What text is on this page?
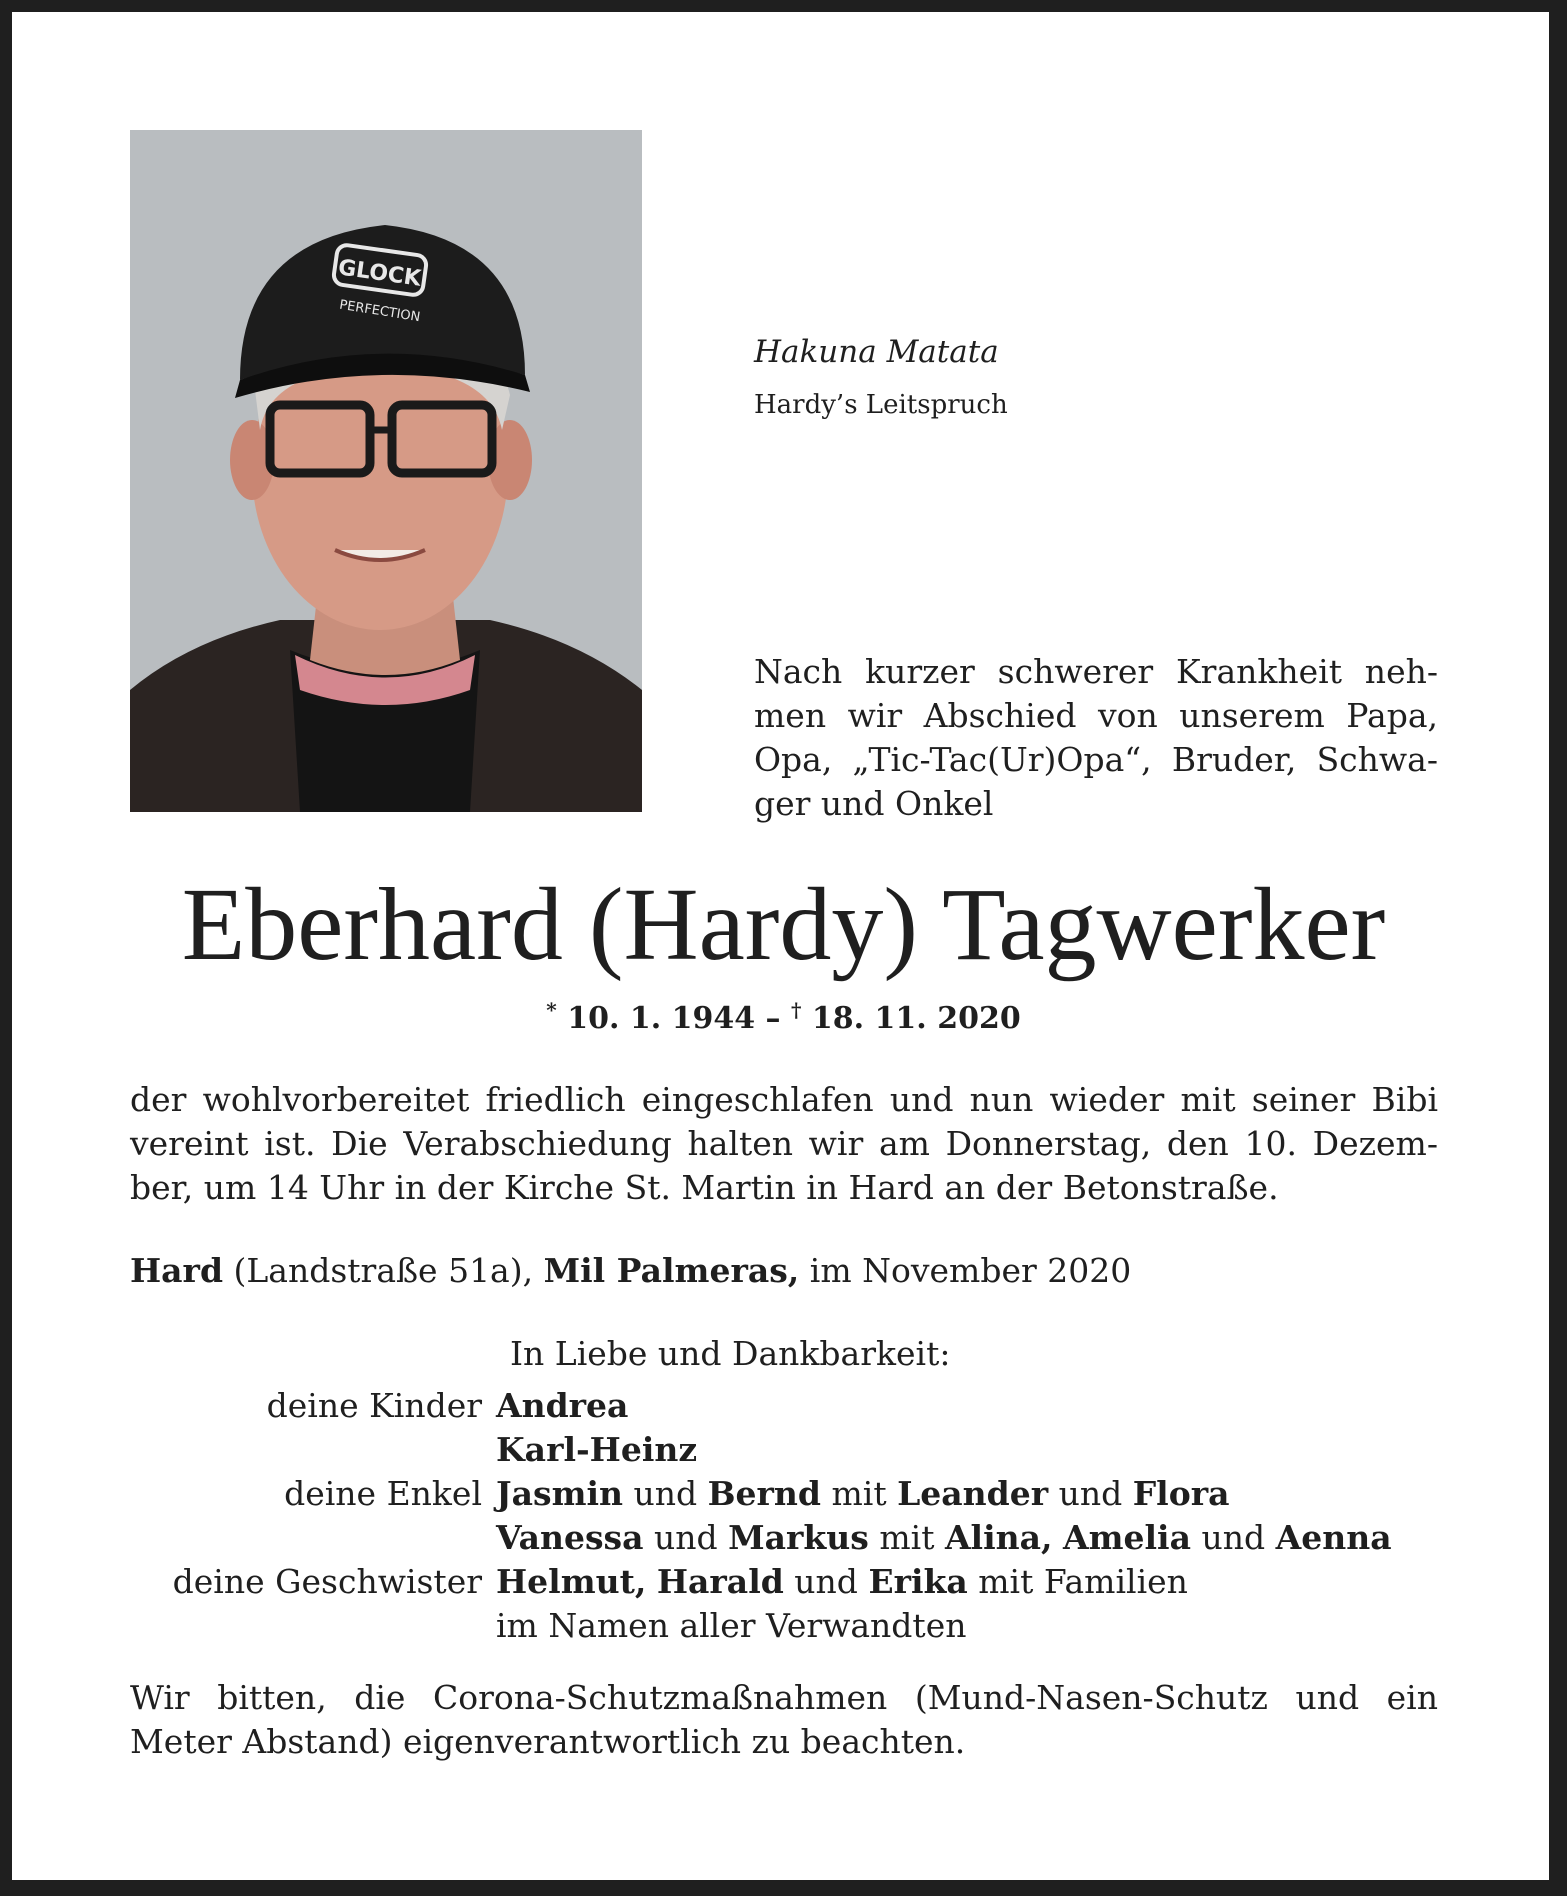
GLOCK
PERFECTION
Hakuna Matata
Hardy’s Leitspruch
Nach kurzer schwerer Krankheit neh-
men wir Abschied von unserem Papa,
Opa, „Tic-Tac(Ur)Opa“, Bruder, Schwa-
ger und Onkel
Eberhard (Hardy) Tagwerker
* 10. 1. 1944 – † 18. 11. 2020
der wohlvorbereitet friedlich eingeschlafen und nun wieder mit seiner Bibi
vereint ist. Die Verabschiedung halten wir am Donnerstag, den 10. Dezem-
ber, um 14 Uhr in der Kirche St. Martin in Hard an der Betonstraße.
Hard (Landstraße 51a), Mil Palmeras, im November 2020
In Liebe und Dankbarkeit:
deine Kinder Andrea
Karl-Heinz
deine Enkel Jasmin und Bernd mit Leander und Flora
Vanessa und Markus mit Alina, Amelia und Aenna
deine Geschwister Helmut, Harald und Erika mit Familien
im Namen aller Verwandten
Wir bitten, die Corona-Schutzmaßnahmen (Mund-Nasen-Schutz und ein
Meter Abstand) eigenverantwortlich zu beachten.
